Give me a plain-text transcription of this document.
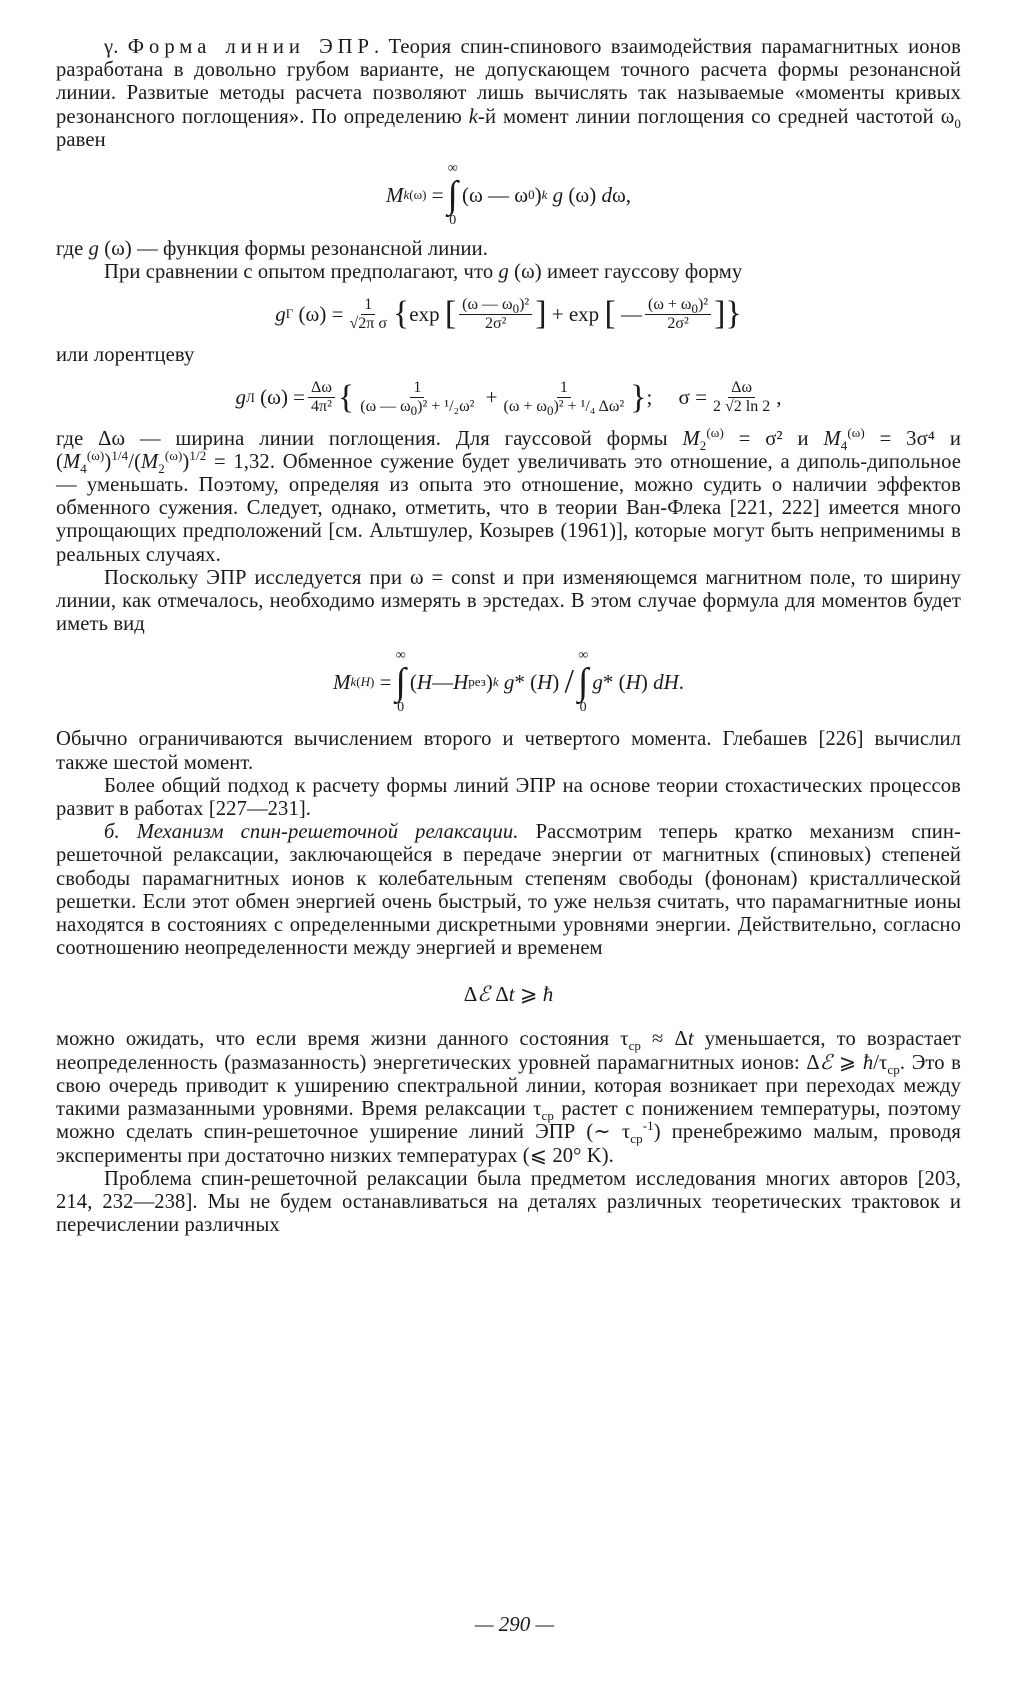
γ. Форма линии ЭПР. Теория спин-спинового взаимодействия парамагнитных ионов разработана в довольно грубом варианте, не допускающем точного расчета формы резонансной линии. Развитые методы расчета позволяют лишь вычислять так называемые «моменты кривых резонансного поглощения». По определению k-й момент линии поглощения со средней частотой $\omega_0$ равен

M k (ω) =
∞
∫
0
(ω — ω 0 ) k
g (ω) d ω,

где g (ω) — функция формы резонансной линии.

При сравнении с опытом предполагают, что g (ω) имеет гауссову форму

g Г $(\omega) = \frac{1}{\text{√2π σ}}$ { exp [ $\frac{(\omega — \omega_0)^2}{\text{2σ²}}$ ] + exp [ — $\frac{(\omega + \omega_0)^2}{\text{2σ²}}$ ]}

или лорентцеву

g Л $(\omega) = \frac{\Delta\omega}{\text{4π²}}$ { $\frac{1}{(\omega — \omega_0)^2 + ^1/_2\omega^2} + \frac{1}{(\omega + \omega_0)^2 + ^1/_4 \Delta\omega^2}$ } ;     $\sigma = \frac{\Delta\omega}{2 √2 \ln 2}$ ,

где Δω — ширина линии поглощения. Для гауссовой формы $M_2^{(\omega)} = \sigma^2$ и $M_4^{(\omega)} = 3\sigma^4$ и $(M_4^{(\omega)})^{1/4}/(M_2^{(\omega)})^{1/2} = 1,32$. Обменное сужение будет увеличивать это отношение, а диполь-дипольное — уменьшать. Поэтому, определяя из опыта это отношение, можно судить о наличии эффектов обменного сужения. Следует, однако, отметить, что в теории Ван-Флека [221, 222] имеется много упрощающих предположений [см. Альтшулер, Козырев (1961)], которые могут быть неприменимы в реальных случаях.

Поскольку ЭПР исследуется при ω = const и при изменяющемся магнитном поле, то ширину линии, как отмечалось, необходимо измерять в эрстедах. В этом случае формула для моментов будет иметь вид

M k (H) =
∞
∫
0
( H — H рез ) k
g * ( H ) /
∞
∫
0
g * ( H ) dH .

Обычно ограничиваются вычислением второго и четвертого момента. Глебашев [226] вычислил также шестой момент.

Более общий подход к расчету формы линий ЭПР на основе теории стохастических процессов развит в работах [227—231].

б. Механизм спин-решеточной релаксации. Рассмотрим теперь кратко механизм спин-решеточной релаксации, заключающейся в передаче энергии от магнитных (спиновых) степеней свободы парамагнитных ионов к колебательным степеням свободы (фононам) кристаллической решетки. Если этот обмен энергией очень быстрый, то уже нельзя считать, что парамагнитные ионы находятся в состояниях с определенными дискретными уровнями энергии. Действительно, согласно соотношению неопределенности между энергией и временем

Δ ℰ Δ t ⩾ ħ

можно ожидать, что если время жизни данного состояния $\tau_{ср} \approx \Delta t$ уменьшается, то возрастает неопределенность (размазанность) энергетических уровней парамагнитных ионов: Δℰ ⩾ $ħ/\tau_{ср}$. Это в свою очередь приводит к уширению спектральной линии, которая возникает при переходах между такими размазанными уровнями. Время релаксации $\tau_{ср}$ растет с понижением температуры, поэтому можно сделать спин-решеточное уширение линий ЭПР (∼ $\tau_{ср}^{-1}$) пренебрежимо малым, проводя эксперименты при достаточно низких температурах (⩽ 20° K).

Проблема спин-решеточной релаксации была предметом исследования многих авторов [203, 214, 232—238]. Мы не будем останавливаться на деталях различных теоретических трактовок и перечислении различных

— 290 —
